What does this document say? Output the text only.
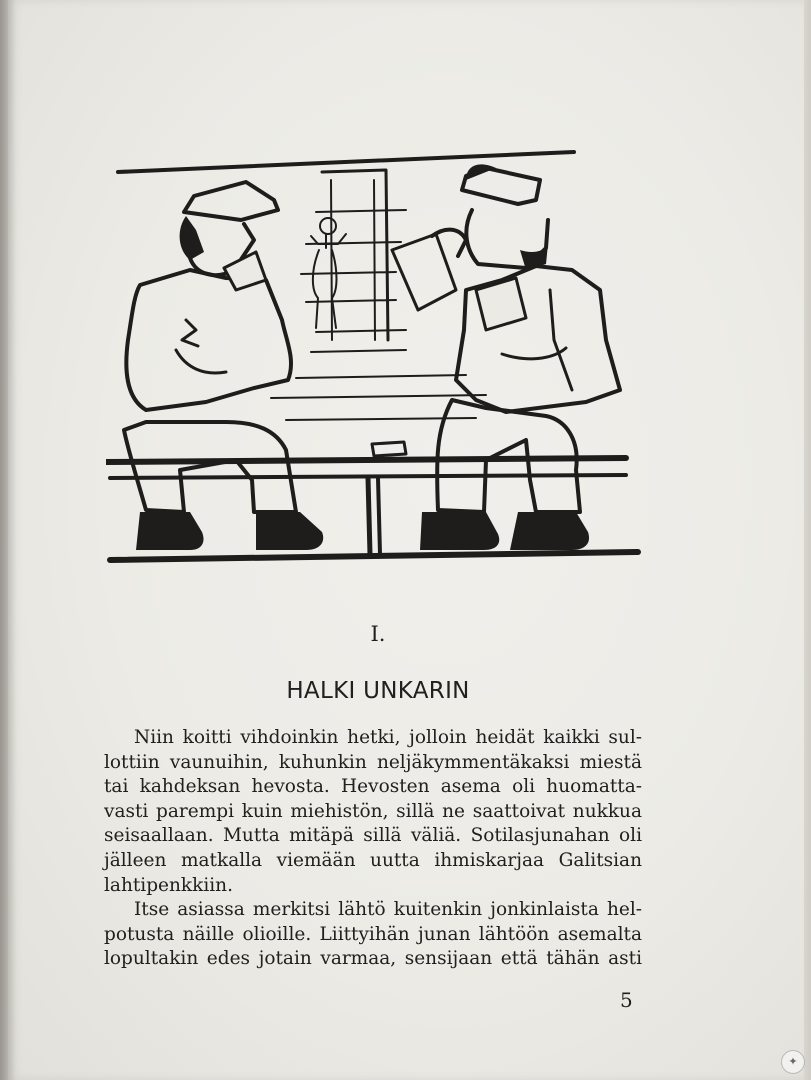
I.
HALKI UNKARIN
Niin koitti vihdoinkin hetki, jolloin heidät kaikki sul-
lottiin vaunuihin, kuhunkin neljäkymmentäkaksi miestä
tai kahdeksan hevosta. Hevosten asema oli huomatta-
vasti parempi kuin miehistön, sillä ne saattoivat nukkua
seisaallaan. Mutta mitäpä sillä väliä. Sotilasjunahan oli
jälleen matkalla viemään uutta ihmiskarjaa Galitsian
lahtipenkkiin.
Itse asiassa merkitsi lähtö kuitenkin jonkinlaista hel-
potusta näille olioille. Liittyihän junan lähtöön asemalta
lopultakin edes jotain varmaa, sensijaan että tähän asti
5
✦
